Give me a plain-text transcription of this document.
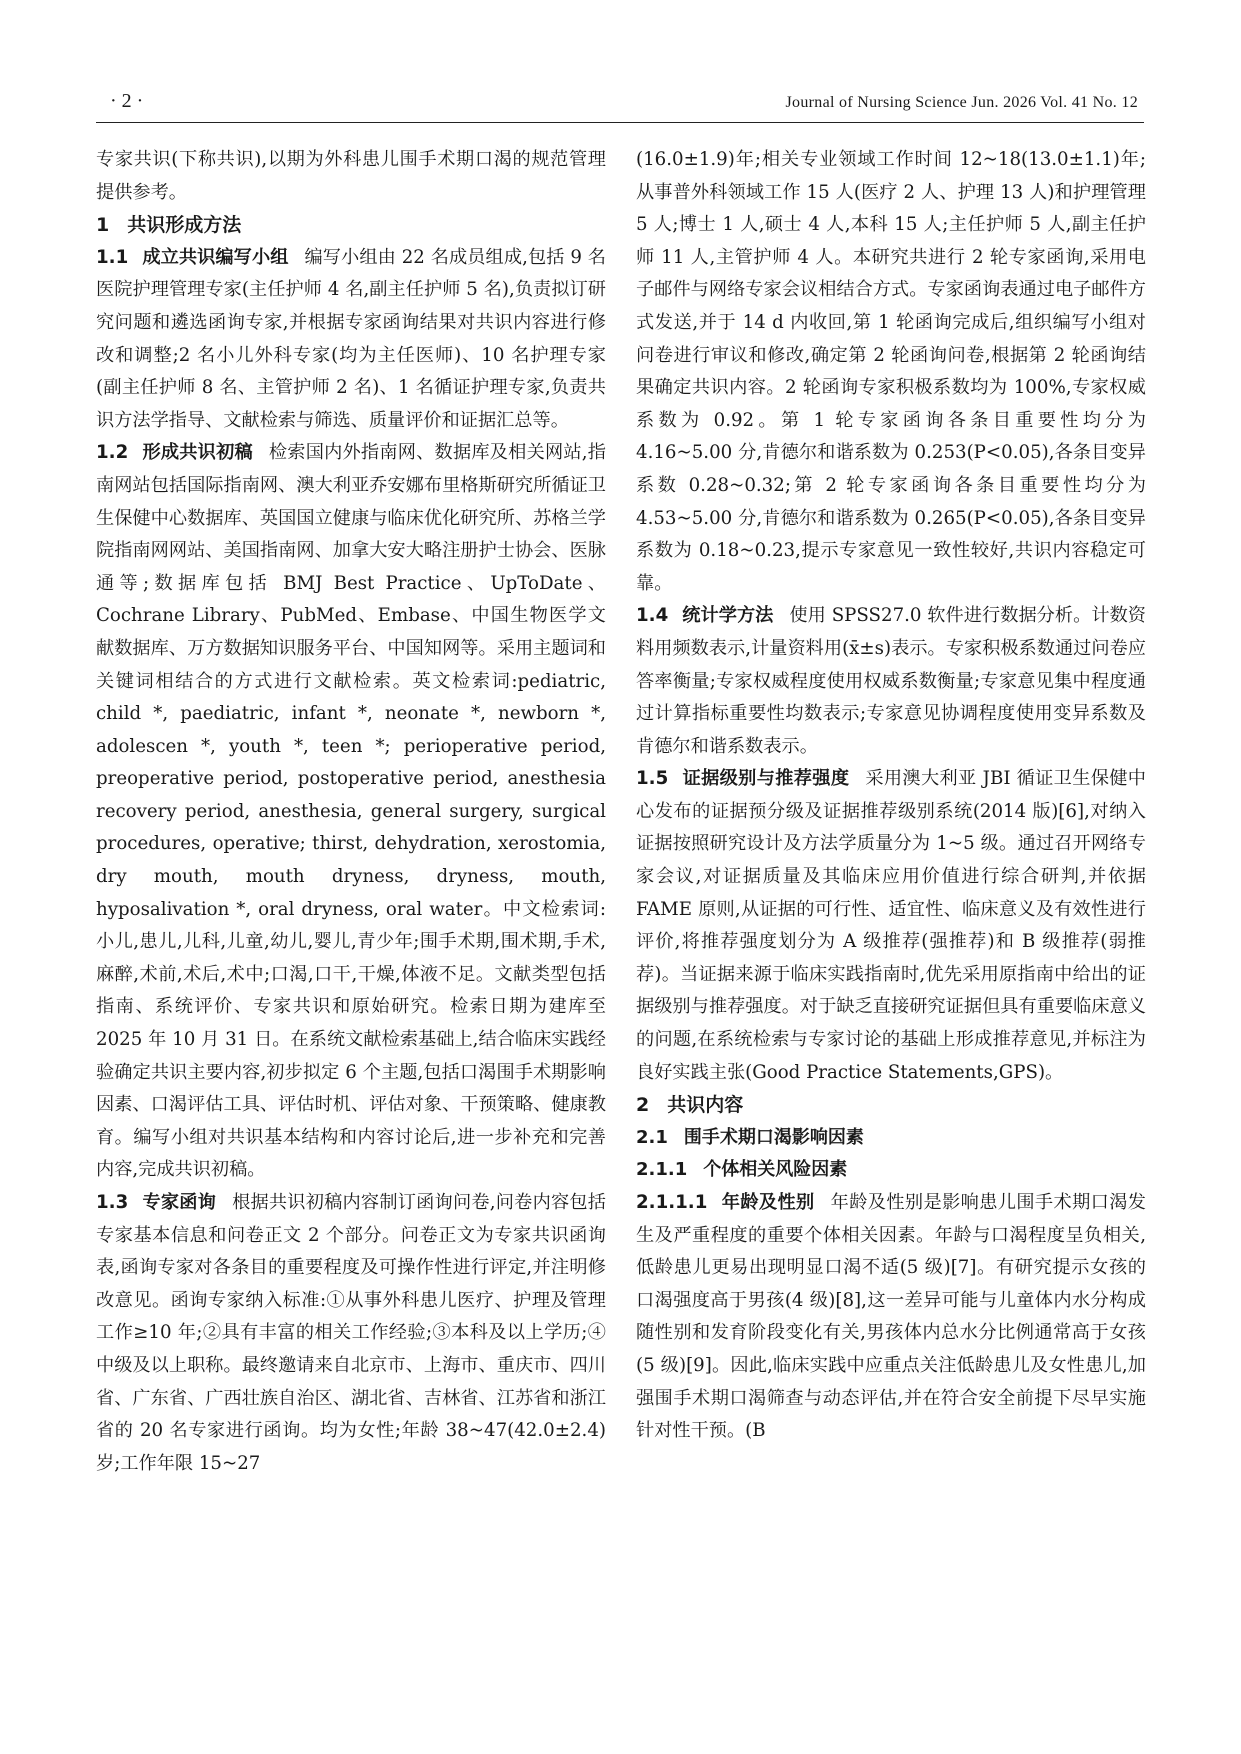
· 2 ·	Journal of Nursing Science Jun. 2026 Vol. 41 No. 12

专家共识(下称共识),以期为外科患儿围手术期口渴的规范管理提供参考。

1 共识形成方法

1.1 成立共识编写小组 编写小组由 22 名成员组成,包括 9 名医院护理管理专家(主任护师 4 名,副主任护师 5 名),负责拟订研究问题和遴选函询专家,并根据专家函询结果对共识内容进行修改和调整;2 名小儿外科专家(均为主任医师)、10 名护理专家(副主任护师 8 名、主管护师 2 名)、1 名循证护理专家,负责共识方法学指导、文献检索与筛选、质量评价和证据汇总等。

1.2 形成共识初稿 检索国内外指南网、数据库及相关网站,指南网站包括国际指南网、澳大利亚乔安娜布里格斯研究所循证卫生保健中心数据库、英国国立健康与临床优化研究所、苏格兰学院指南网网站、美国指南网、加拿大安大略注册护士协会、医脉通等;数据库包括 BMJ Best Practice、UpToDate、Cochrane Library、PubMed、Embase、中国生物医学文献数据库、万方数据知识服务平台、中国知网等。采用主题词和关键词相结合的方式进行文献检索。英文检索词:pediatric, child *, paediatric, infant *, neonate *, newborn *, adolescen *, youth *, teen *; perioperative period, preoperative period, postoperative period, anesthesia recovery period, anesthesia, general surgery, surgical procedures, operative; thirst, dehydration, xerostomia, dry mouth, mouth dryness, dryness, mouth, hyposalivation *, oral dryness, oral water。中文检索词:小儿,患儿,儿科,儿童,幼儿,婴儿,青少年;围手术期,围术期,手术,麻醉,术前,术后,术中;口渴,口干,干燥,体液不足。文献类型包括指南、系统评价、专家共识和原始研究。检索日期为建库至 2025 年 10 月 31 日。在系统文献检索基础上,结合临床实践经验确定共识主要内容,初步拟定 6 个主题,包括口渴围手术期影响因素、口渴评估工具、评估时机、评估对象、干预策略、健康教育。编写小组对共识基本结构和内容讨论后,进一步补充和完善内容,完成共识初稿。

1.3 专家函询 根据共识初稿内容制订函询问卷,问卷内容包括专家基本信息和问卷正文 2 个部分。问卷正文为专家共识函询表,函询专家对各条目的重要程度及可操作性进行评定,并注明修改意见。函询专家纳入标准:①从事外科患儿医疗、护理及管理工作≥10 年;②具有丰富的相关工作经验;③本科及以上学历;④中级及以上职称。最终邀请来自北京市、上海市、重庆市、四川省、广东省、广西壮族自治区、湖北省、吉林省、江苏省和浙江省的 20 名专家进行函询。均为女性;年龄 38~47(42.0±2.4)岁;工作年限 15~27

(16.0±1.9)年;相关专业领域工作时间 12~18(13.0±1.1)年;从事普外科领域工作 15 人(医疗 2 人、护理 13 人)和护理管理 5 人;博士 1 人,硕士 4 人,本科 15 人;主任护师 5 人,副主任护师 11 人,主管护师 4 人。本研究共进行 2 轮专家函询,采用电子邮件与网络专家会议相结合方式。专家函询表通过电子邮件方式发送,并于 14 d 内收回,第 1 轮函询完成后,组织编写小组对问卷进行审议和修改,确定第 2 轮函询问卷,根据第 2 轮函询结果确定共识内容。2 轮函询专家积极系数均为 100%,专家权威系数为 0.92。第 1 轮专家函询各条目重要性均分为 4.16~5.00 分,肯德尔和谐系数为 0.253(P<0.05),各条目变异系数 0.28~0.32;第 2 轮专家函询各条目重要性均分为 4.53~5.00 分,肯德尔和谐系数为 0.265(P<0.05),各条目变异系数为 0.18~0.23,提示专家意见一致性较好,共识内容稳定可靠。

1.4 统计学方法 使用 SPSS27.0 软件进行数据分析。计数资料用频数表示,计量资料用(x̄±s)表示。专家积极系数通过问卷应答率衡量;专家权威程度使用权威系数衡量;专家意见集中程度通过计算指标重要性均数表示;专家意见协调程度使用变异系数及肯德尔和谐系数表示。

1.5 证据级别与推荐强度 采用澳大利亚 JBI 循证卫生保健中心发布的证据预分级及证据推荐级别系统(2014 版)[6],对纳入证据按照研究设计及方法学质量分为 1~5 级。通过召开网络专家会议,对证据质量及其临床应用价值进行综合研判,并依据 FAME 原则,从证据的可行性、适宜性、临床意义及有效性进行评价,将推荐强度划分为 A 级推荐(强推荐)和 B 级推荐(弱推荐)。当证据来源于临床实践指南时,优先采用原指南中给出的证据级别与推荐强度。对于缺乏直接研究证据但具有重要临床意义的问题,在系统检索与专家讨论的基础上形成推荐意见,并标注为良好实践主张(Good Practice Statements,GPS)。

2 共识内容
2.1 围手术期口渴影响因素
2.1.1 个体相关风险因素

2.1.1.1 年龄及性别 年龄及性别是影响患儿围手术期口渴发生及严重程度的重要个体相关因素。年龄与口渴程度呈负相关,低龄患儿更易出现明显口渴不适(5 级)[7]。有研究提示女孩的口渴强度高于男孩(4 级)[8],这一差异可能与儿童体内水分构成随性别和发育阶段变化有关,男孩体内总水分比例通常高于女孩(5 级)[9]。因此,临床实践中应重点关注低龄患儿及女性患儿,加强围手术期口渴筛查与动态评估,并在符合安全前提下尽早实施针对性干预。(B
